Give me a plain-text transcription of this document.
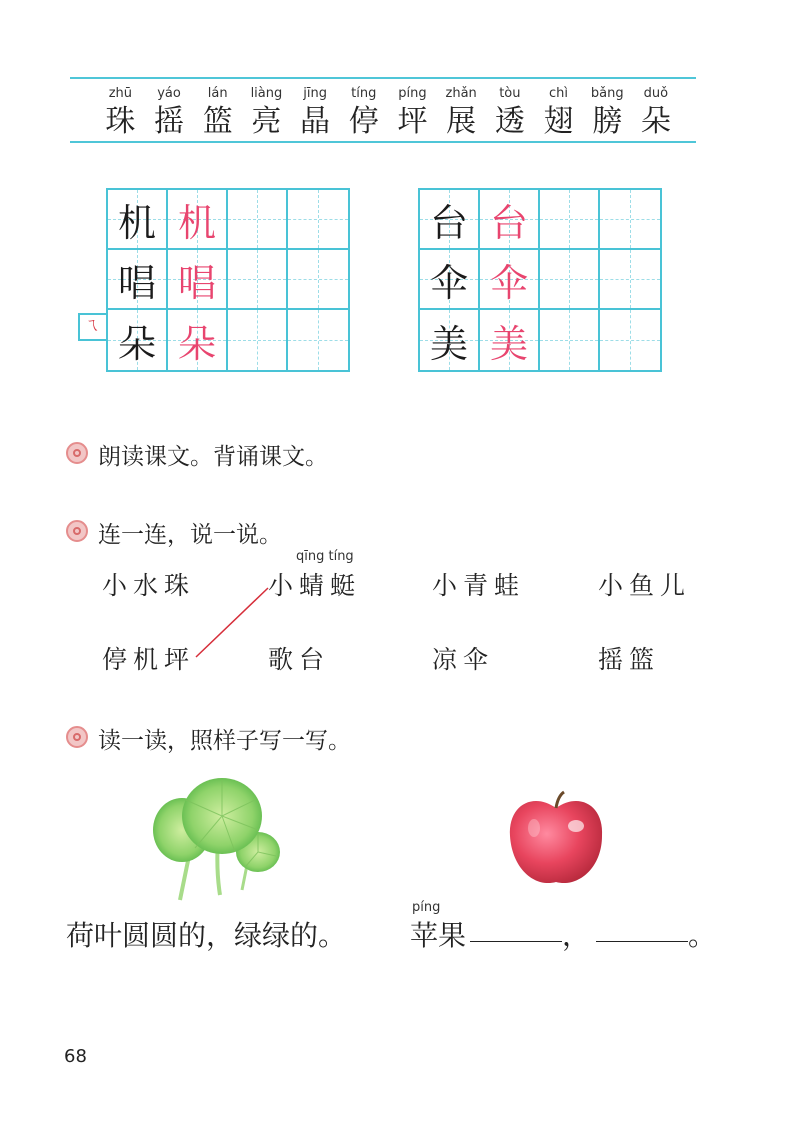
zhū
珠
yáo
摇
lán
篮
liàng
亮
jīng
晶
tíng
停
píng
坪
zhǎn
展
tòu
透
chì
翅
bǎng
膀
duǒ
朵
机 机
唱 唱
朵 朵
ㄟ
台 台
伞 伞
美 美
朗读课文。背诵课文。
连一连，说一说。
qīng tíng
小水珠	小蜻蜓	小青蛙	小鱼儿
停机坪	歌台	凉伞	摇篮
读一读，照样子写一写。
荷叶圆圆的，绿绿的。
píng
苹果	，	。
68
